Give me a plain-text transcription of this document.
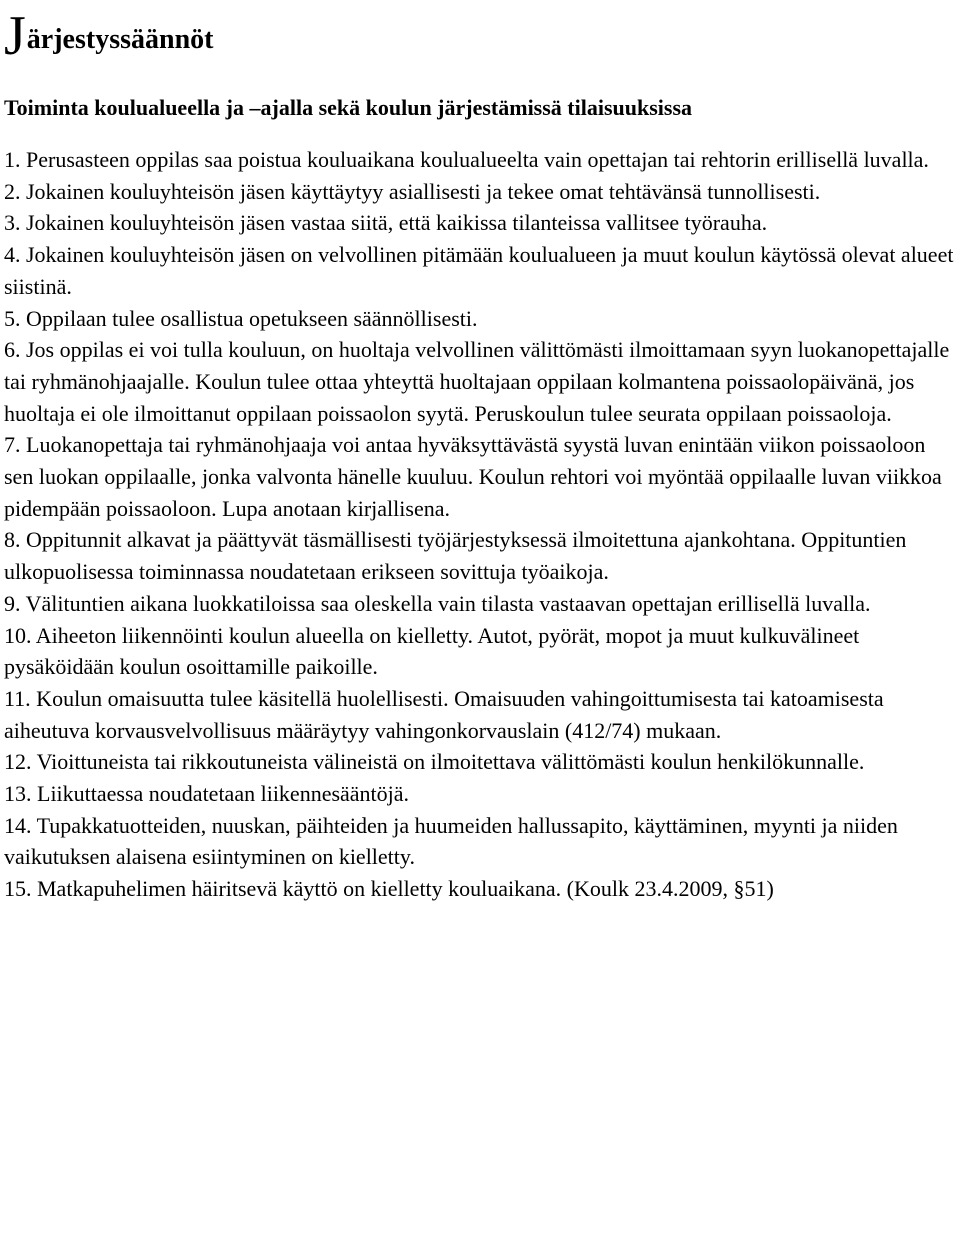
J ärjestyssäännöt
Toiminta koulualueella ja –ajalla sekä koulun järjestämissä tilaisuuksissa
1. Perusasteen oppilas saa poistua kouluaikana koulualueelta vain opettajan tai rehtorin erillisellä luvalla.
2. Jokainen kouluyhteisön jäsen käyttäytyy asiallisesti ja tekee omat tehtävänsä tunnollisesti.
3. Jokainen kouluyhteisön jäsen vastaa siitä, että kaikissa tilanteissa vallitsee työrauha.
4. Jokainen kouluyhteisön jäsen on velvollinen pitämään koulualueen ja muut koulun käytössä olevat alueet siistinä.
5. Oppilaan tulee osallistua opetukseen säännöllisesti.
6. Jos oppilas ei voi tulla kouluun, on huoltaja velvollinen välittömästi ilmoittamaan syyn luokanopettajalle tai ryhmänohjaajalle. Koulun tulee ottaa yhteyttä huoltajaan oppilaan kolmantena poissaolopäivänä, jos huoltaja ei ole ilmoittanut oppilaan poissaolon syytä. Peruskoulun tulee seurata oppilaan poissaoloja.
7. Luokanopettaja tai ryhmänohjaaja voi antaa hyväksyttävästä syystä luvan enintään viikon poissaoloon sen luokan oppilaalle, jonka valvonta hänelle kuuluu. Koulun rehtori voi myöntää oppilaalle luvan viikkoa pidempään poissaoloon. Lupa anotaan kirjallisena.
8. Oppitunnit alkavat ja päättyvät täsmällisesti työjärjestyksessä ilmoitettuna ajankohtana. Oppituntien ulkopuolisessa toiminnassa noudatetaan erikseen sovittuja työaikoja.
9. Välituntien aikana luokkatiloissa saa oleskella vain tilasta vastaavan opettajan erillisellä luvalla.
10. Aiheeton liikennöinti koulun alueella on kielletty. Autot, pyörät, mopot ja muut kulkuvälineet pysäköidään koulun osoittamille paikoille.
11. Koulun omaisuutta tulee käsitellä huolellisesti. Omaisuuden vahingoittumisesta tai katoamisesta aiheutuva korvausvelvollisuus määräytyy vahingonkorvauslain (412/74) mukaan.
12. Vioittuneista tai rikkoutuneista välineistä on ilmoitettava välittömästi koulun henkilökunnalle.
13. Liikuttaessa noudatetaan liikennesääntöjä.
14. Tupakkatuotteiden, nuuskan, päihteiden ja huumeiden hallussapito, käyttäminen, myynti ja niiden vaikutuksen alaisena esiintyminen on kielletty.
15. Matkapuhelimen häiritsevä käyttö on kielletty kouluaikana. (Koulk 23.4.2009, §51)
